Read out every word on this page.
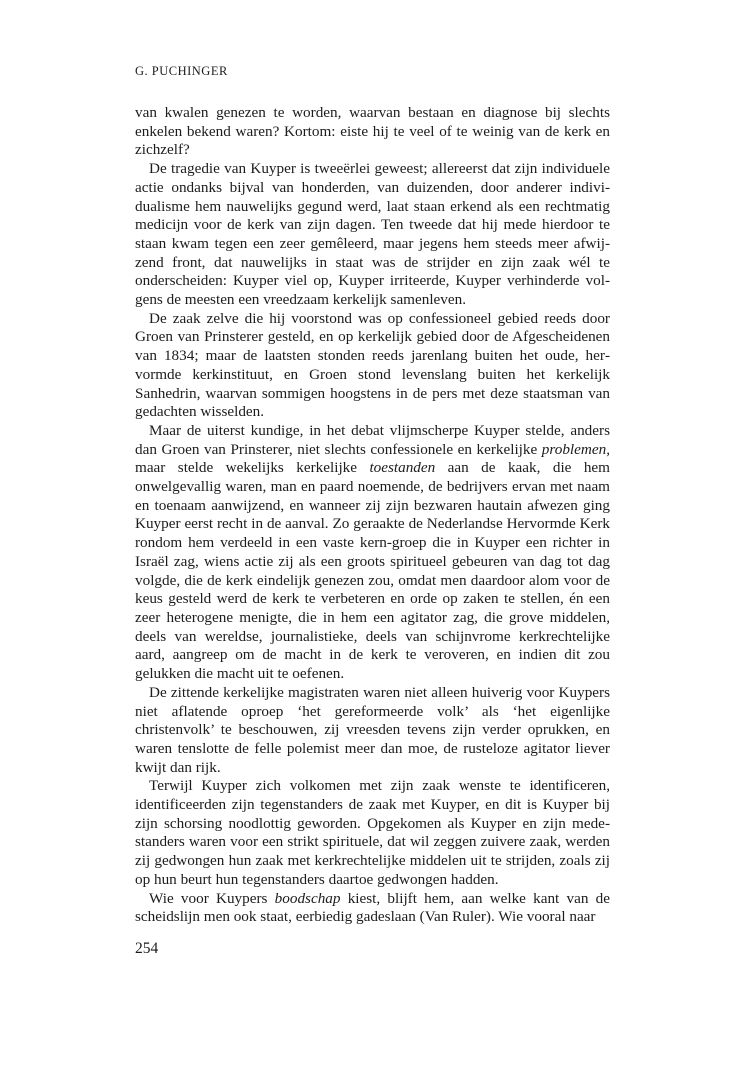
G. PUCHINGER

van kwalen genezen te worden, waarvan bestaan en diagnose bij slechts enkelen bekend waren? Kortom: eiste hij te veel of te weinig van de kerk en zichzelf?

De tragedie van Kuyper is tweeërlei geweest; allereerst dat zijn individuele actie ondanks bijval van honderden, van duizenden, door anderer individualisme hem nauwelijks gegund werd, laat staan erkend als een rechtmatig medicijn voor de kerk van zijn dagen. Ten tweede dat hij mede hierdoor te staan kwam tegen een zeer gemêleerd, maar jegens hem steeds meer afwijzend front, dat nauwelijks in staat was de strijder en zijn zaak wél te onderscheiden: Kuyper viel op, Kuyper irriteerde, Kuyper verhinderde volgens de meesten een vreedzaam kerkelijk samenleven.

De zaak zelve die hij voorstond was op confessioneel gebied reeds door Groen van Prinsterer gesteld, en op kerkelijk gebied door de Afgescheidenen van 1834; maar de laatsten stonden reeds jarenlang buiten het oude, hervormde kerkinstituut, en Groen stond levenslang buiten het kerkelijk Sanhedrin, waarvan sommigen hoogstens in de pers met deze staatsman van gedachten wisselden.

Maar de uiterst kundige, in het debat vlijmscherpe Kuyper stelde, anders dan Groen van Prinsterer, niet slechts confessionele en kerkelijke problemen, maar stelde wekelijks kerkelijke toestanden aan de kaak, die hem onwelgevallig waren, man en paard noemende, de bedrijvers ervan met naam en toenaam aanwijzend, en wanneer zij zijn bezwaren hautain afwezen ging Kuyper eerst recht in de aanval. Zo geraakte de Nederlandse Hervormde Kerk rondom hem verdeeld in een vaste kern-groep die in Kuyper een richter in Israël zag, wiens actie zij als een groots spiritueel gebeuren van dag tot dag volgde, die de kerk eindelijk genezen zou, omdat men daardoor alom voor de keus gesteld werd de kerk te verbeteren en orde op zaken te stellen, én een zeer heterogene menigte, die in hem een agitator zag, die grove middelen, deels van wereldse, journalistieke, deels van schijnvrome kerkrechtelijke aard, aangreep om de macht in de kerk te veroveren, en indien dit zou gelukken die macht uit te oefenen.

De zittende kerkelijke magistraten waren niet alleen huiverig voor Kuypers niet aflatende oproep ‘het gereformeerde volk’ als ‘het eigenlijke christenvolk’ te beschouwen, zij vreesden tevens zijn verder oprukken, en waren tenslotte de felle polemist meer dan moe, de rusteloze agitator liever kwijt dan rijk.

Terwijl Kuyper zich volkomen met zijn zaak wenste te identificeren, identificeerden zijn tegenstanders de zaak met Kuyper, en dit is Kuyper bij zijn schorsing noodlottig geworden. Opgekomen als Kuyper en zijn medestanders waren voor een strikt spirituele, dat wil zeggen zuivere zaak, werden zij gedwongen hun zaak met kerkrechtelijke middelen uit te strijden, zoals zij op hun beurt hun tegenstanders daartoe gedwongen hadden.

Wie voor Kuypers boodschap kiest, blijft hem, aan welke kant van de scheidslijn men ook staat, eerbiedig gadeslaan (Van Ruler). Wie vooral naar

254
